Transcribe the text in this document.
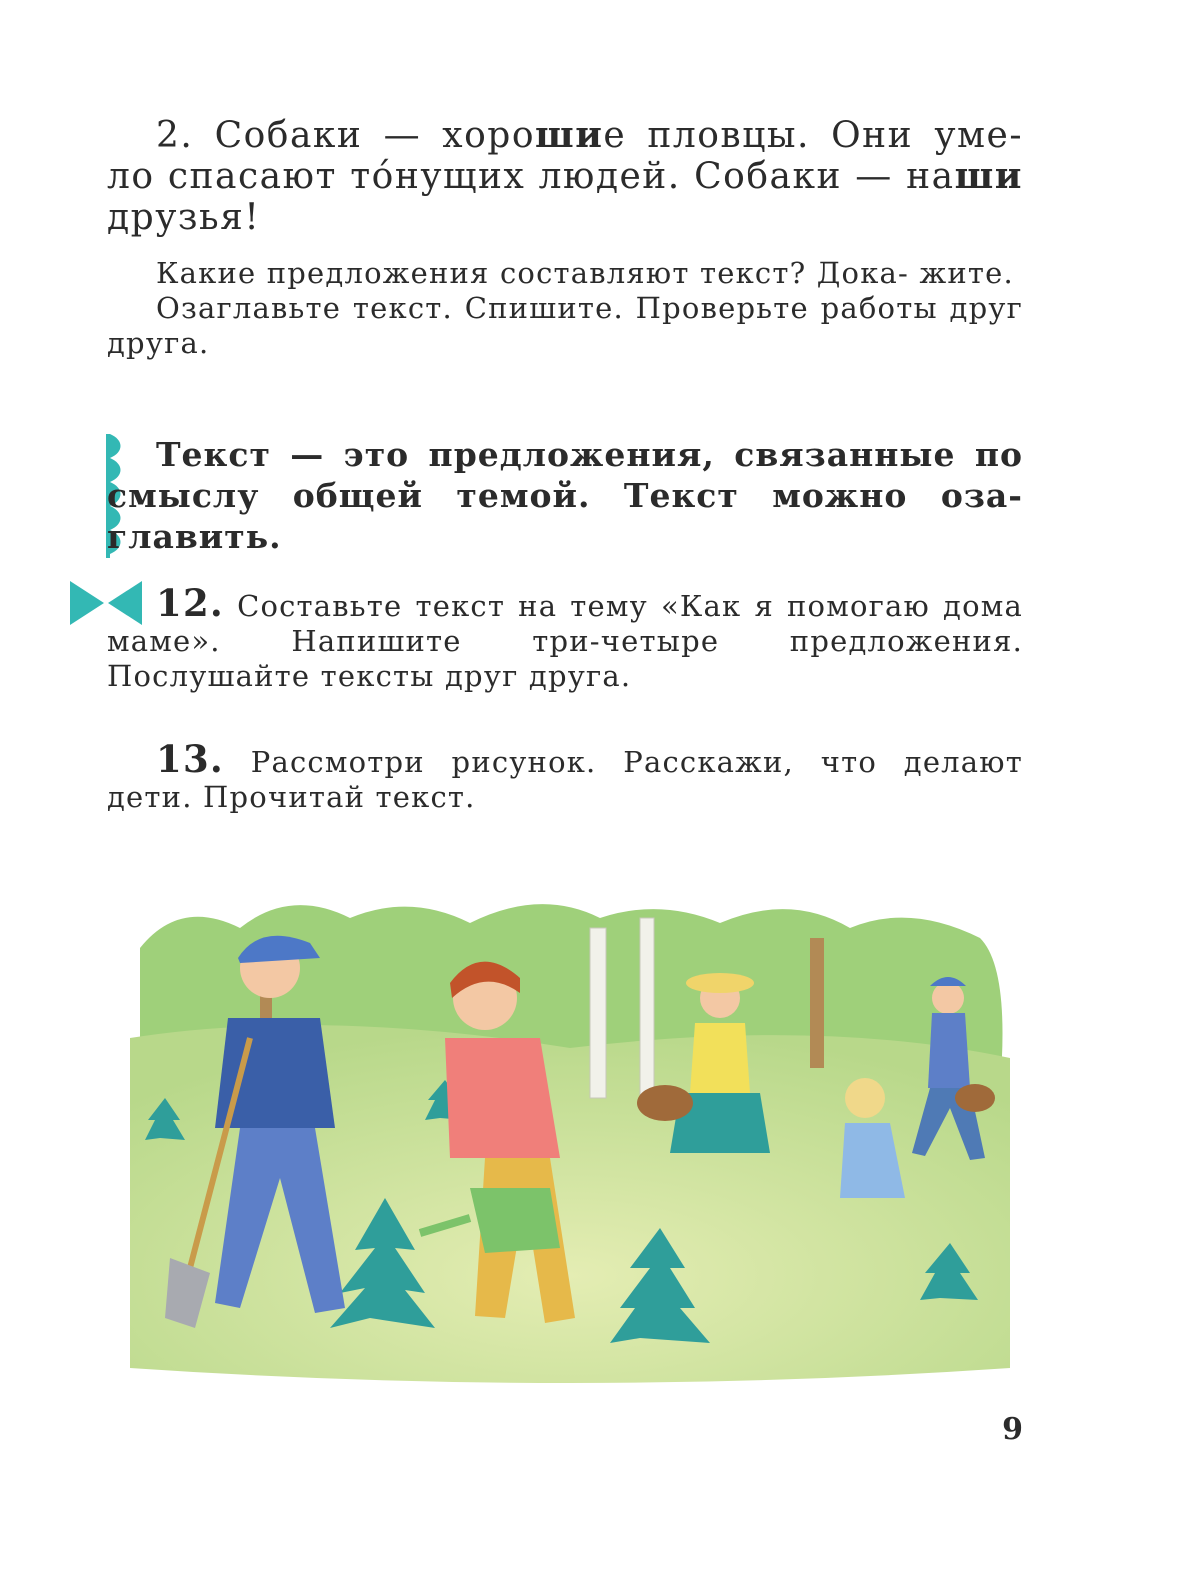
2. Собаки — хорошие пловцы. Они уме- ло спасают то́нущих людей. Собаки — наши друзья!

Какие предложения составляют текст? Дока- жите.

Озаглавьте текст. Спишите. Проверьте работы друг друга.

Текст — это предложения, связанные по смыслу общей темой. Текст можно оза- главить.
12. Составьте текст на тему «Как я помогаю дома маме». Напишите три-четыре предложения. Послушайте тексты друг друга.
13. Рассмотри рисунок. Расскажи, что делают дети. Прочитай текст.
9
